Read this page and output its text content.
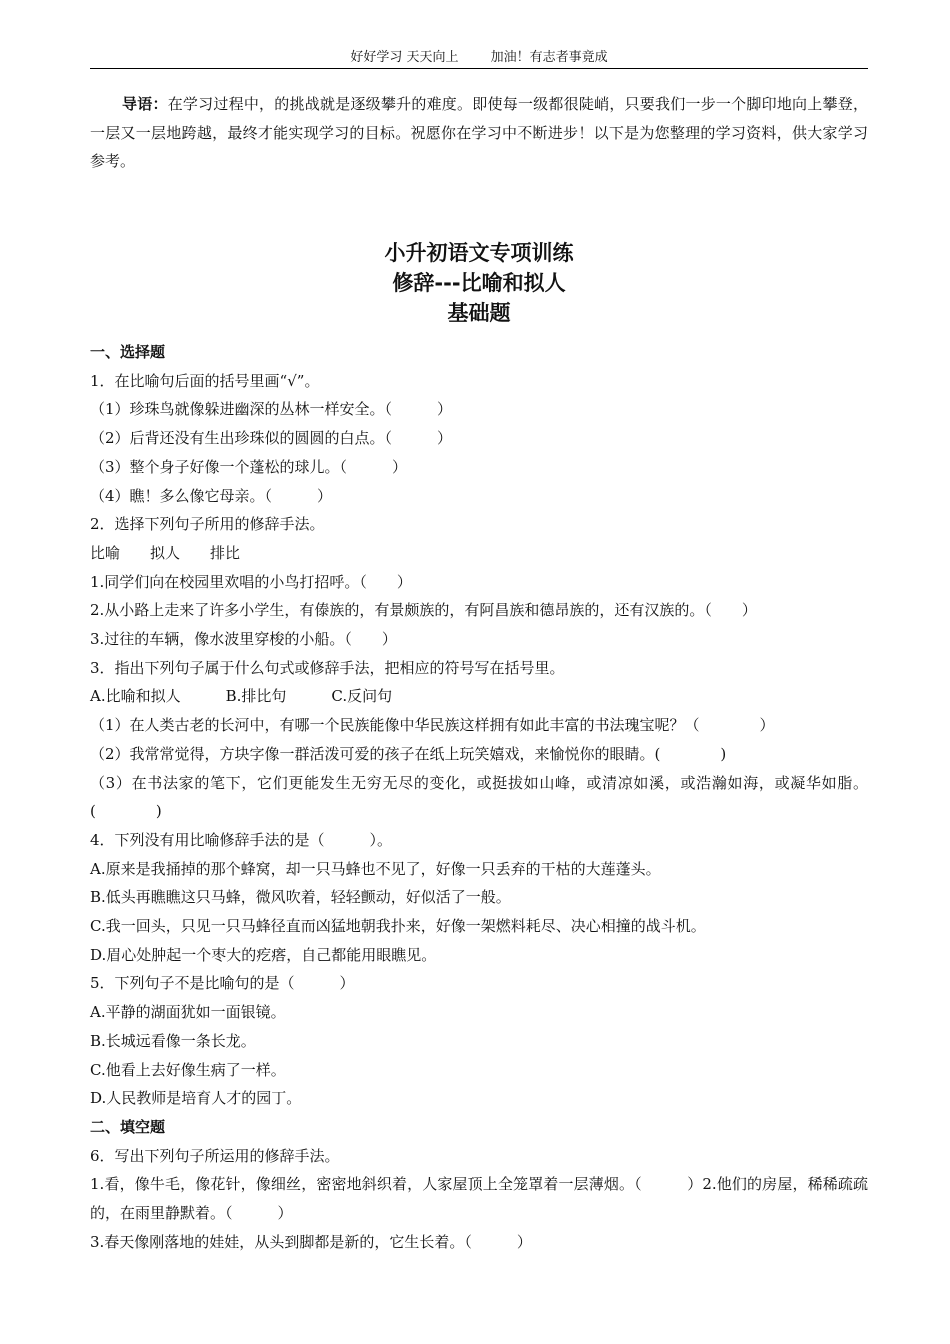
好好学习 天天向上 加油！有志者事竟成
导语：在学习过程中，的挑战就是逐级攀升的难度。即使每一级都很陡峭，只要我们一步一个脚印地向上攀登，一层又一层地跨越，最终才能实现学习的目标。祝愿你在学习中不断进步！以下是为您整理的学习资料，供大家学习参考。
小升初语文专项训练
修辞---比喻和拟人
基础题
一、选择题
1．在比喻句后面的括号里画“√”。
（1）珍珠鸟就像躲进幽深的丛林一样安全。（　　　）
（2）后背还没有生出珍珠似的圆圆的白点。（　　　）
（3）整个身子好像一个蓬松的球儿。（　　　）
（4）瞧！多么像它母亲。（　　　）
2．选择下列句子所用的修辞手法。
比喻　　拟人　　排比
1.同学们向在校园里欢唱的小鸟打招呼。（　　）
2.从小路上走来了许多小学生，有傣族的，有景颇族的，有阿昌族和德昂族的，还有汉族的。（　　）
3.过往的车辆，像水波里穿梭的小船。（　　）
3．指出下列句子属于什么句式或修辞手法，把相应的符号写在括号里。
A.比喻和拟人　　　B.排比句　　　C.反问句
（1）在人类古老的长河中，有哪一个民族能像中华民族这样拥有如此丰富的书法瑰宝呢？（　　　　）
（2）我常常觉得，方块字像一群活泼可爱的孩子在纸上玩笑嬉戏，来愉悦你的眼睛。(　　　　)
（3）在书法家的笔下，它们更能发生无穷无尽的变化，或挺拔如山峰，或清凉如溪，或浩瀚如海，或凝华如脂。(　　　　)
4．下列没有用比喻修辞手法的是（　　　）。
A.原来是我捅掉的那个蜂窝，却一只马蜂也不见了，好像一只丢弃的干枯的大莲蓬头。
B.低头再瞧瞧这只马蜂，微风吹着，轻轻颤动，好似活了一般。
C.我一回头，只见一只马蜂径直而凶猛地朝我扑来，好像一架燃料耗尽、决心相撞的战斗机。
D.眉心处肿起一个枣大的疙瘩，自己都能用眼瞧见。
5．下列句子不是比喻句的是（　　　）
A.平静的湖面犹如一面银镜。
B.长城远看像一条长龙。
C.他看上去好像生病了一样。
D.人民教师是培育人才的园丁。
二、填空题
6．写出下列句子所运用的修辞手法。
1.看，像牛毛，像花针，像细丝，密密地斜织着，人家屋顶上全笼罩着一层薄烟。（　　　）2.他们的房屋，稀稀疏疏的，在雨里静默着。（　　　）
3.春天像刚落地的娃娃，从头到脚都是新的，它生长着。（　　　）
